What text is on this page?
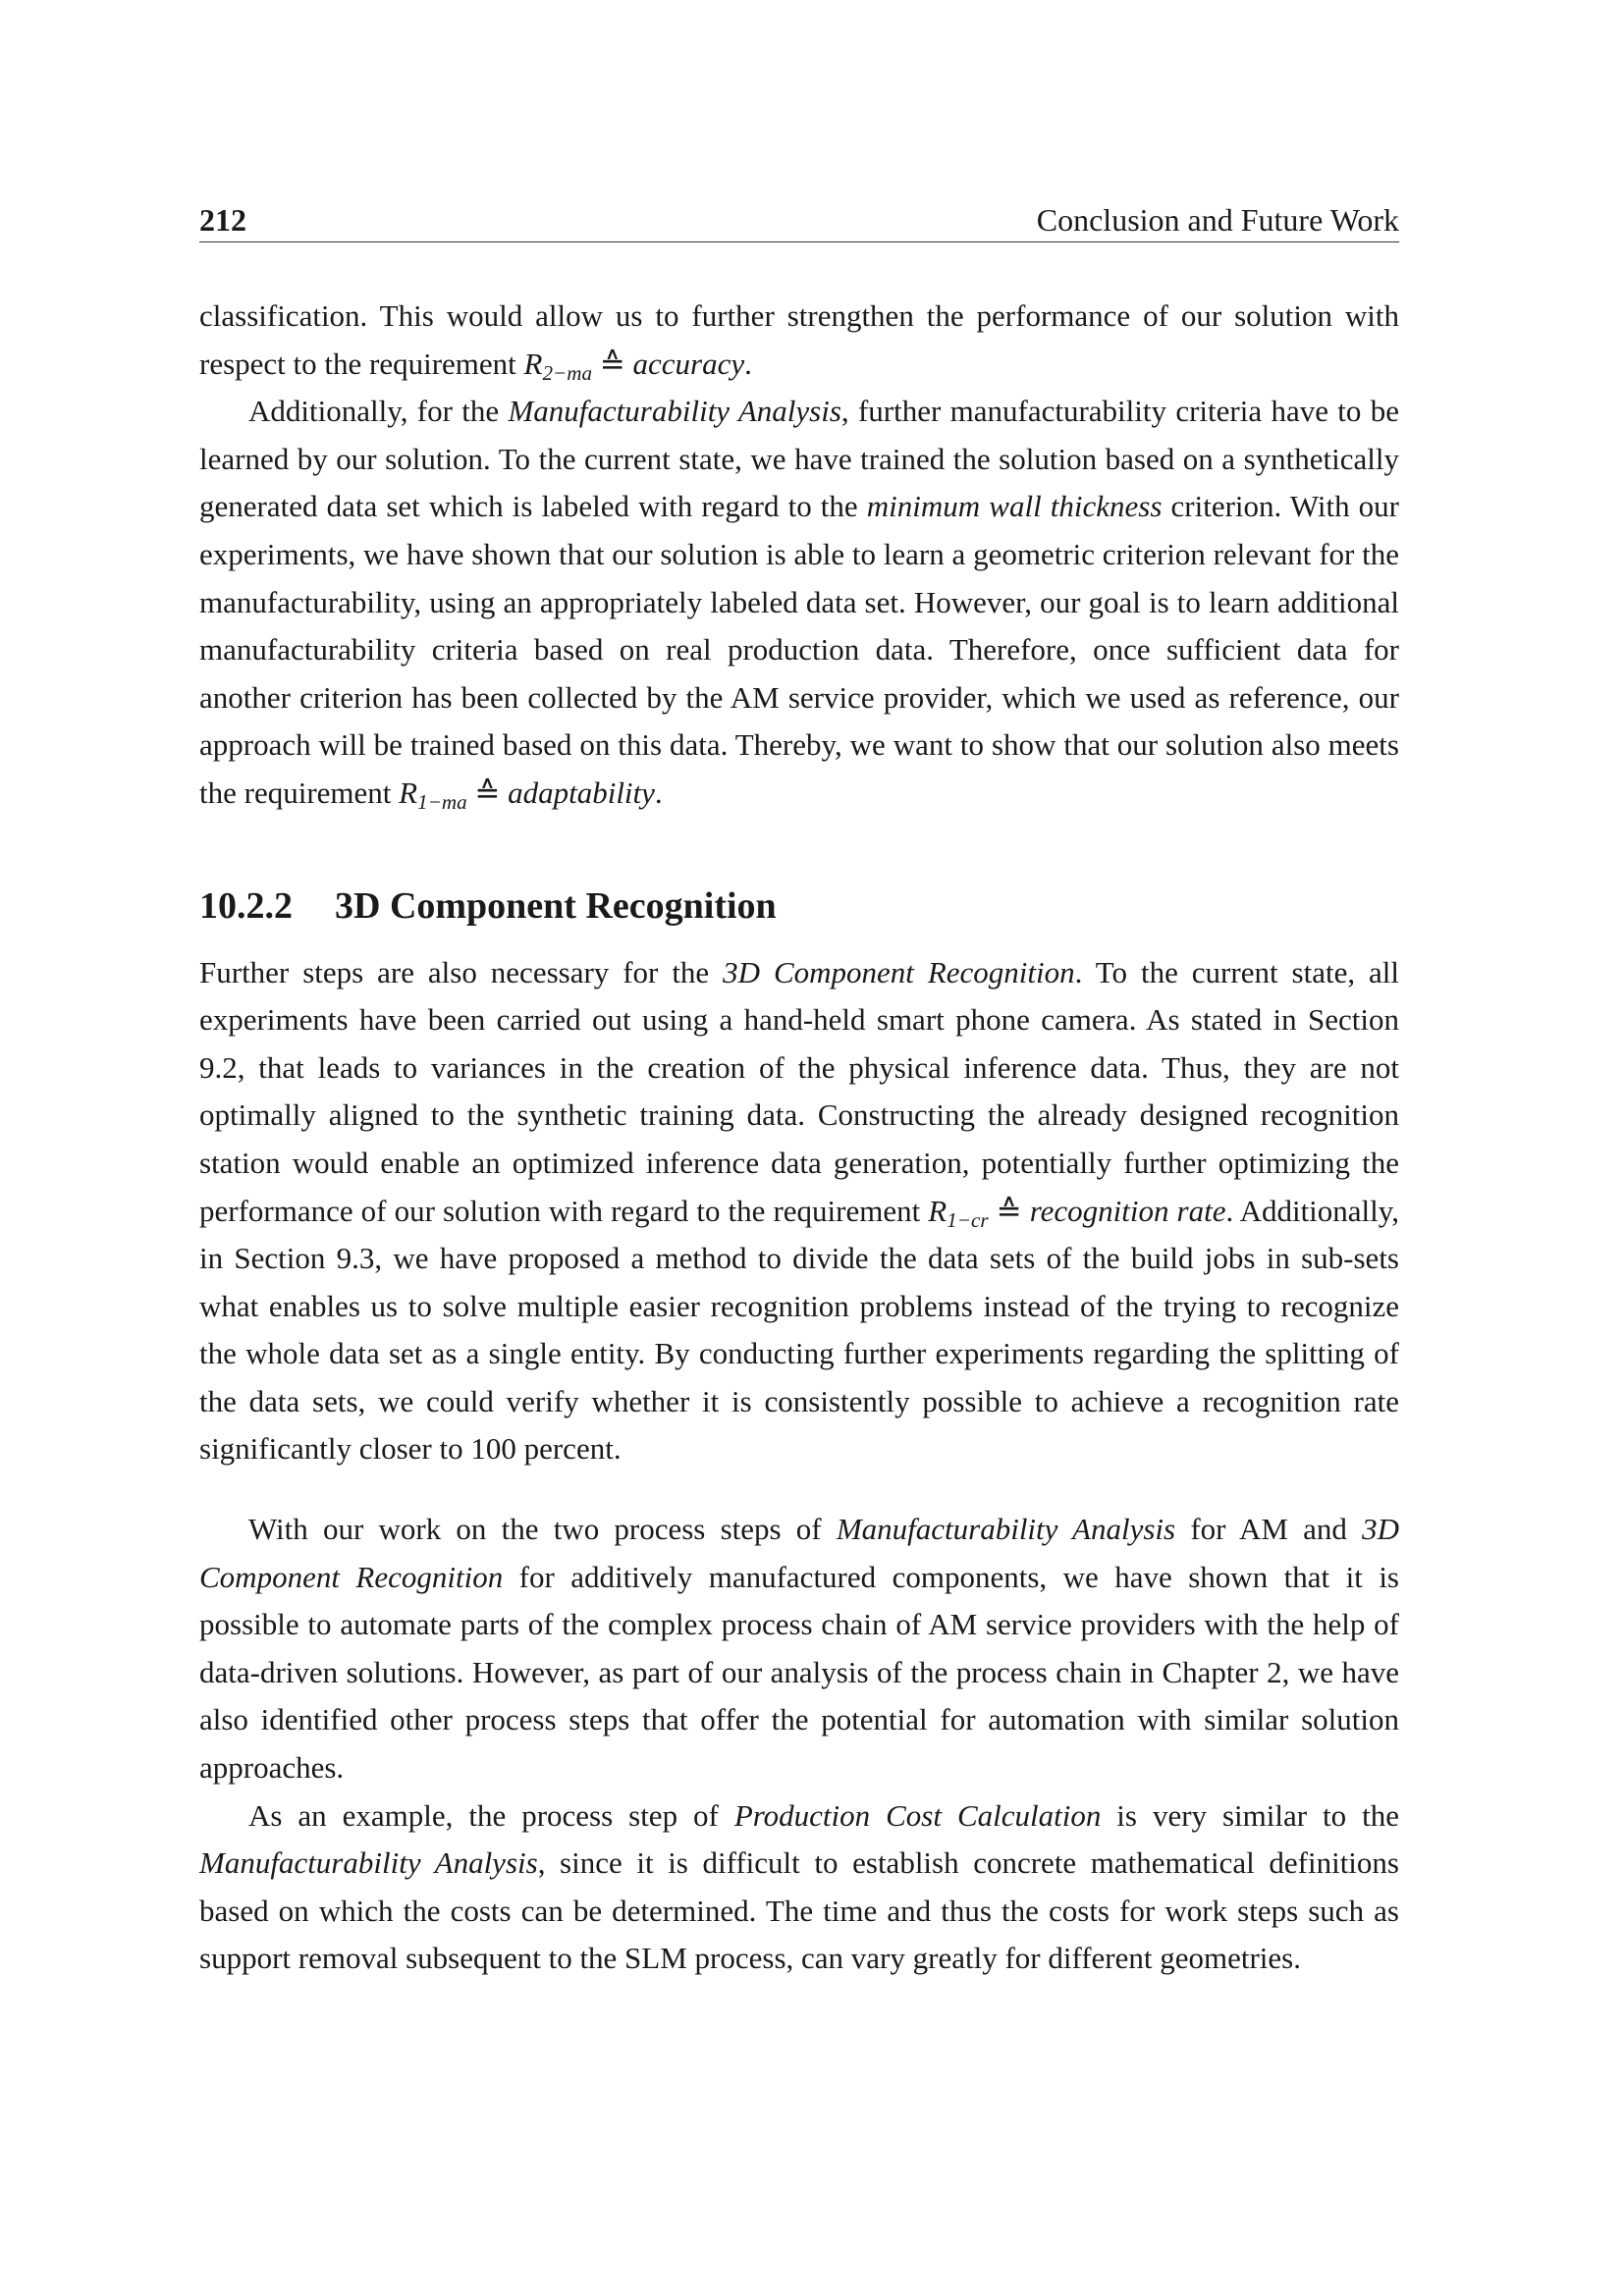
212	Conclusion and Future Work

classification. This would allow us to further strengthen the performance of our solution with respect to the requirement $R_{2-ma}$ ≙ accuracy.

Additionally, for the Manufacturability Analysis, further manufacturability criteria have to be learned by our solution. To the current state, we have trained the solution based on a synthetically generated data set which is labeled with regard to the minimum wall thickness criterion. With our experiments, we have shown that our solution is able to learn a geometric criterion relevant for the manufacturability, using an appropriately labeled data set. However, our goal is to learn additional manufacturability criteria based on real production data. Therefore, once sufficient data for another criterion has been collected by the AM service provider, which we used as reference, our approach will be trained based on this data. Thereby, we want to show that our solution also meets the requirement $R_{1-ma}$ ≙ adaptability.

10.2.2 3D Component Recognition

Further steps are also necessary for the 3D Component Recognition. To the current state, all experiments have been carried out using a hand-held smart phone camera. As stated in Section 9.2, that leads to variances in the creation of the physical inference data. Thus, they are not optimally aligned to the synthetic training data. Constructing the already designed recognition station would enable an optimized inference data generation, potentially further optimizing the performance of our solution with regard to the requirement $R_{1-cr}$ ≙ recognition rate. Additionally, in Section 9.3, we have proposed a method to divide the data sets of the build jobs in sub-sets what enables us to solve multiple easier recognition problems instead of the trying to recognize the whole data set as a single entity. By conducting further experiments regarding the splitting of the data sets, we could verify whether it is consistently possible to achieve a recognition rate significantly closer to 100 percent.

With our work on the two process steps of Manufacturability Analysis for AM and 3D Component Recognition for additively manufactured components, we have shown that it is possible to automate parts of the complex process chain of AM service providers with the help of data-driven solutions. However, as part of our analysis of the process chain in Chapter 2, we have also identified other process steps that offer the potential for automation with similar solution approaches.

As an example, the process step of Production Cost Calculation is very similar to the Manufacturability Analysis, since it is difficult to establish concrete mathematical definitions based on which the costs can be determined. The time and thus the costs for work steps such as support removal subsequent to the SLM process, can vary greatly for different geometries.
